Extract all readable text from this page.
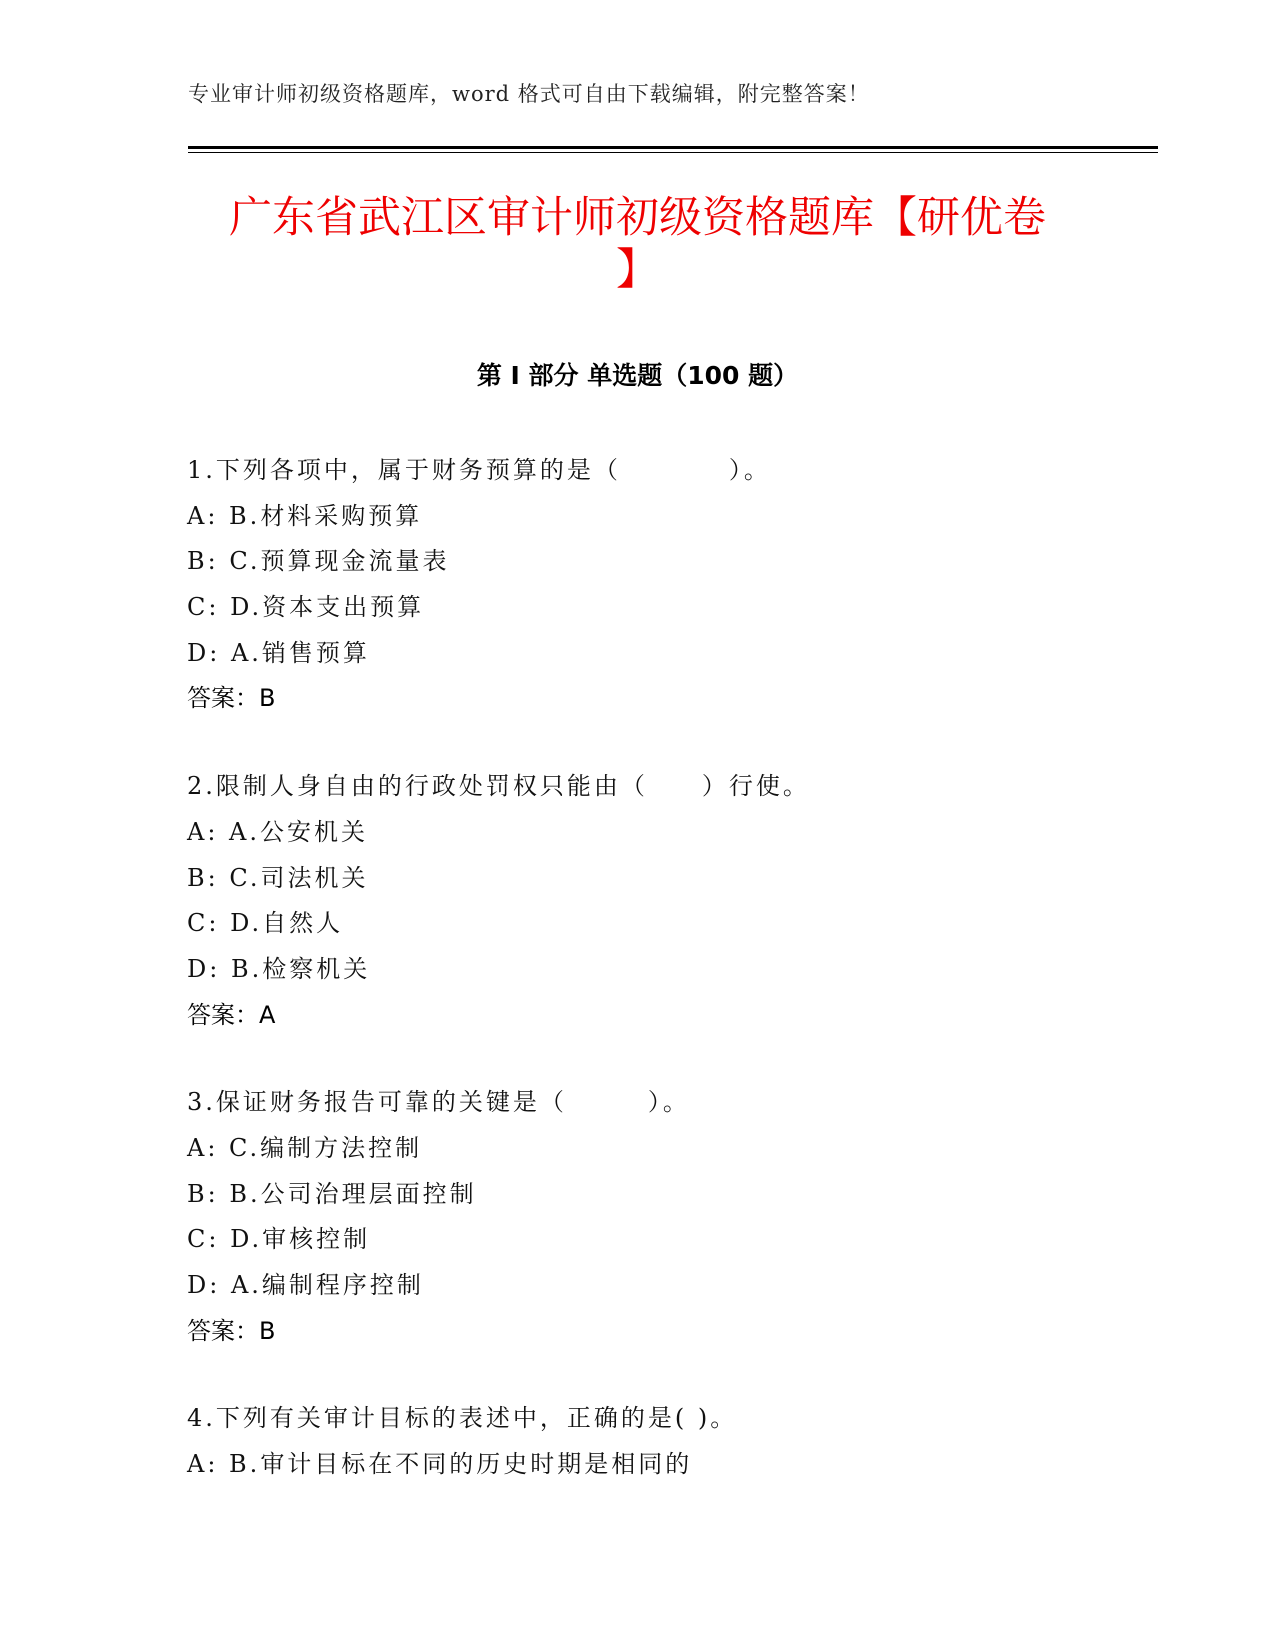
专业审计师初级资格题库，word 格式可自由下载编辑，附完整答案！
广东省武江区审计师初级资格题库【研优卷
】
第 I 部分 单选题（100 题）
1.下列各项中，属于财务预算的是（　　　　）。
A: B.材料采购预算
B: C.预算现金流量表
C: D.资本支出预算
D: A.销售预算
答案：B
2.限制人身自由的行政处罚权只能由（　　）行使。
A: A.公安机关
B: C.司法机关
C: D.自然人
D: B.检察机关
答案：A
3.保证财务报告可靠的关键是（　　　）。
A: C.编制方法控制
B: B.公司治理层面控制
C: D.审核控制
D: A.编制程序控制
答案：B
4.下列有关审计目标的表述中，正确的是( )。
A: B.审计目标在不同的历史时期是相同的
